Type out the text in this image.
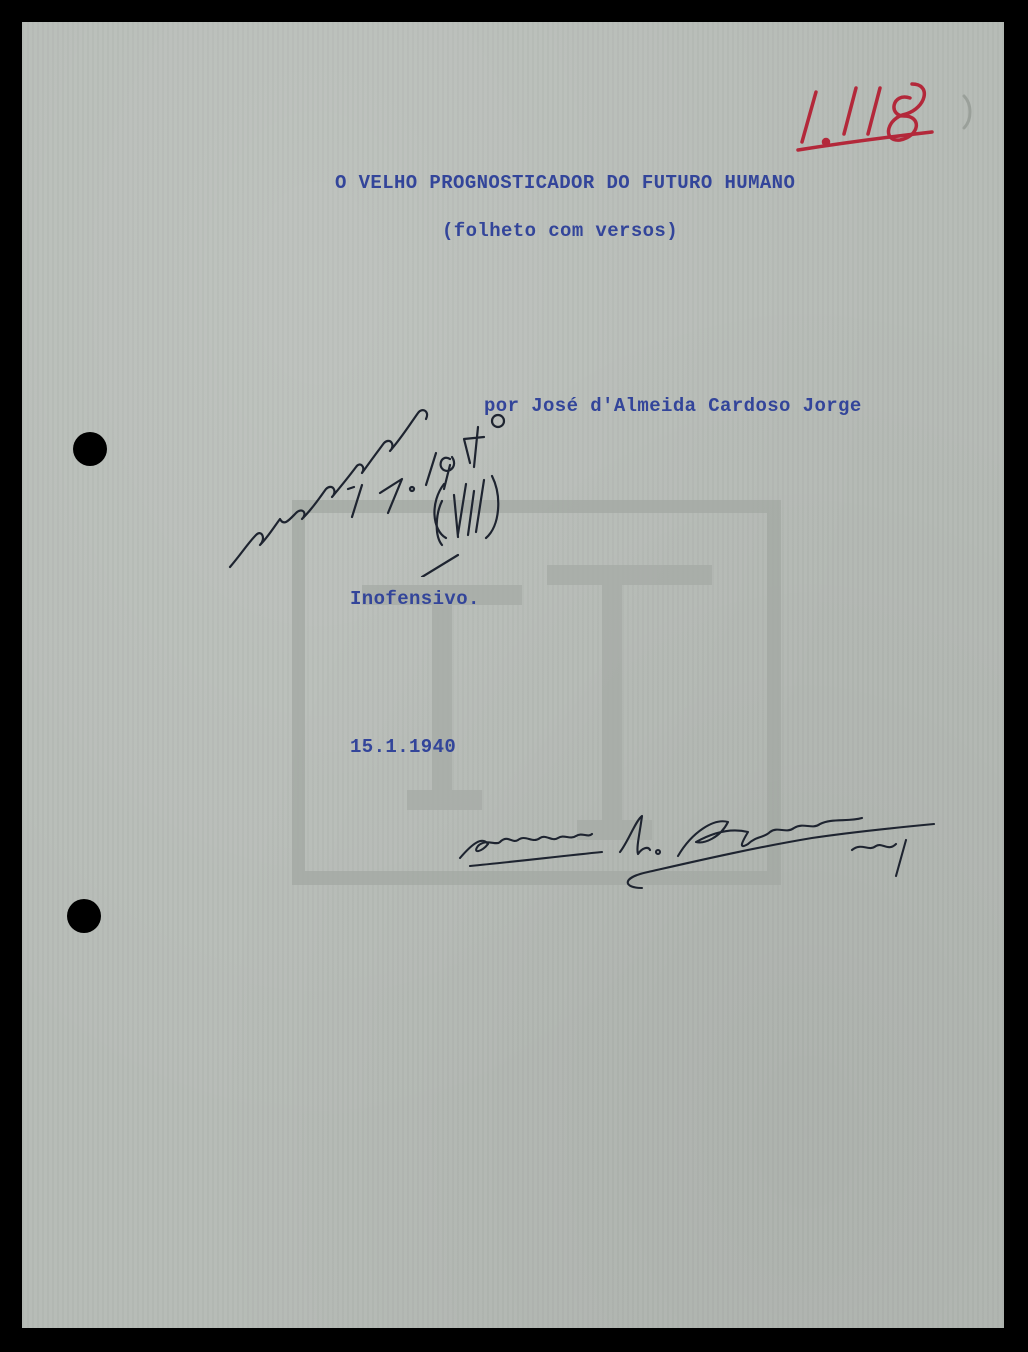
O VELHO PROGNOSTICADOR DO FUTURO HUMANO

(folheto com versos)

por José d'Almeida Cardoso Jorge

Inofensivo.

15.1.1940
